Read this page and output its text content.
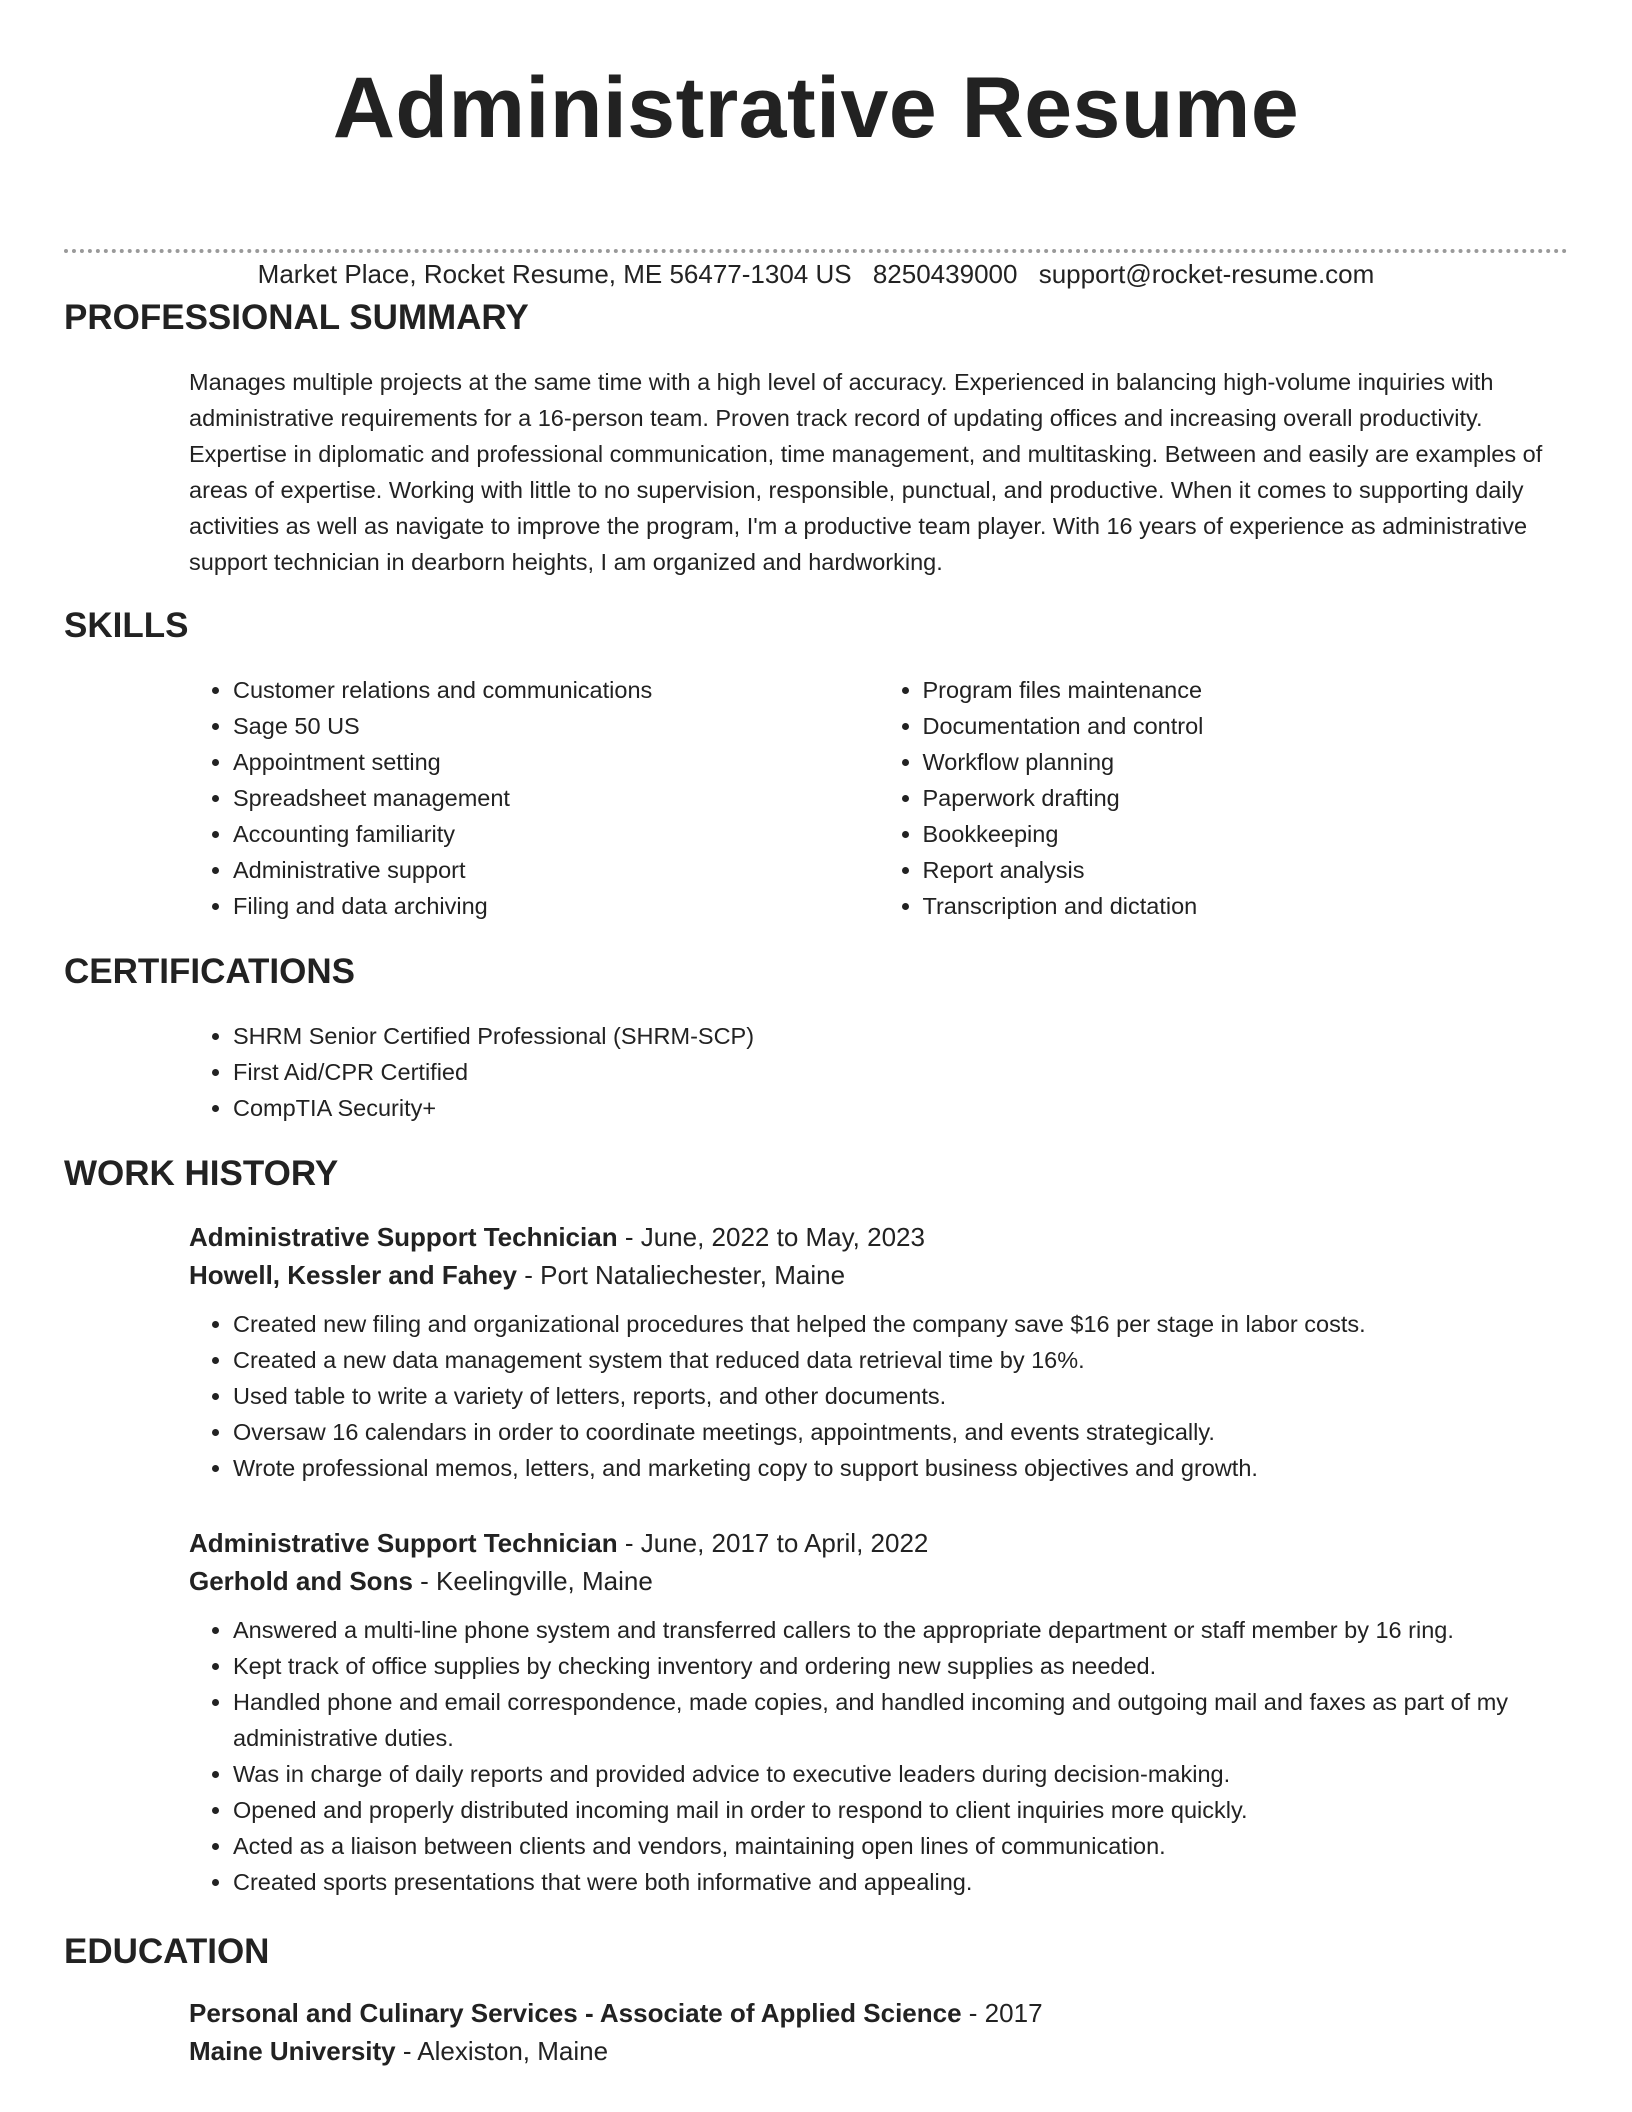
Administrative Resume
Market Place, Rocket Resume, ME 56477-1304 US 8250439000 support@rocket-resume.com
PROFESSIONAL SUMMARY

Manages multiple projects at the same time with a high level of accuracy. Experienced in balancing high-volume inquiries with administrative requirements for a 16-person team. Proven track record of updating offices and increasing overall productivity. Expertise in diplomatic and professional communication, time management, and multitasking. Between and easily are examples of areas of expertise. Working with little to no supervision, responsible, punctual, and productive. When it comes to supporting daily activities as well as navigate to improve the program, I'm a productive team player. With 16 years of experience as administrative support technician in dearborn heights, I am organized and hardworking.

SKILLS
• Customer relations and communications
• Sage 50 US
• Appointment setting
• Spreadsheet management
• Accounting familiarity
• Administrative support
• Filing and data archiving
• Program files maintenance
• Documentation and control
• Workflow planning
• Paperwork drafting
• Bookkeeping
• Report analysis
• Transcription and dictation
CERTIFICATIONS
• SHRM Senior Certified Professional (SHRM-SCP)
• First Aid/CPR Certified
• CompTIA Security+
WORK HISTORY

Administrative Support Technician - June, 2022 to May, 2023

Howell, Kessler and Fahey - Port Nataliechester, Maine

• Created new filing and organizational procedures that helped the company save $16 per stage in labor costs.
• Created a new data management system that reduced data retrieval time by 16%.
• Used table to write a variety of letters, reports, and other documents.
• Oversaw 16 calendars in order to coordinate meetings, appointments, and events strategically.
• Wrote professional memos, letters, and marketing copy to support business objectives and growth.

Administrative Support Technician - June, 2017 to April, 2022

Gerhold and Sons - Keelingville, Maine

• Answered a multi-line phone system and transferred callers to the appropriate department or staff member by 16 ring.
• Kept track of office supplies by checking inventory and ordering new supplies as needed.
• Handled phone and email correspondence, made copies, and handled incoming and outgoing mail and faxes as part of my administrative duties.
• Was in charge of daily reports and provided advice to executive leaders during decision-making.
• Opened and properly distributed incoming mail in order to respond to client inquiries more quickly.
• Acted as a liaison between clients and vendors, maintaining open lines of communication.
• Created sports presentations that were both informative and appealing.
EDUCATION

Personal and Culinary Services - Associate of Applied Science - 2017

Maine University - Alexiston, Maine
